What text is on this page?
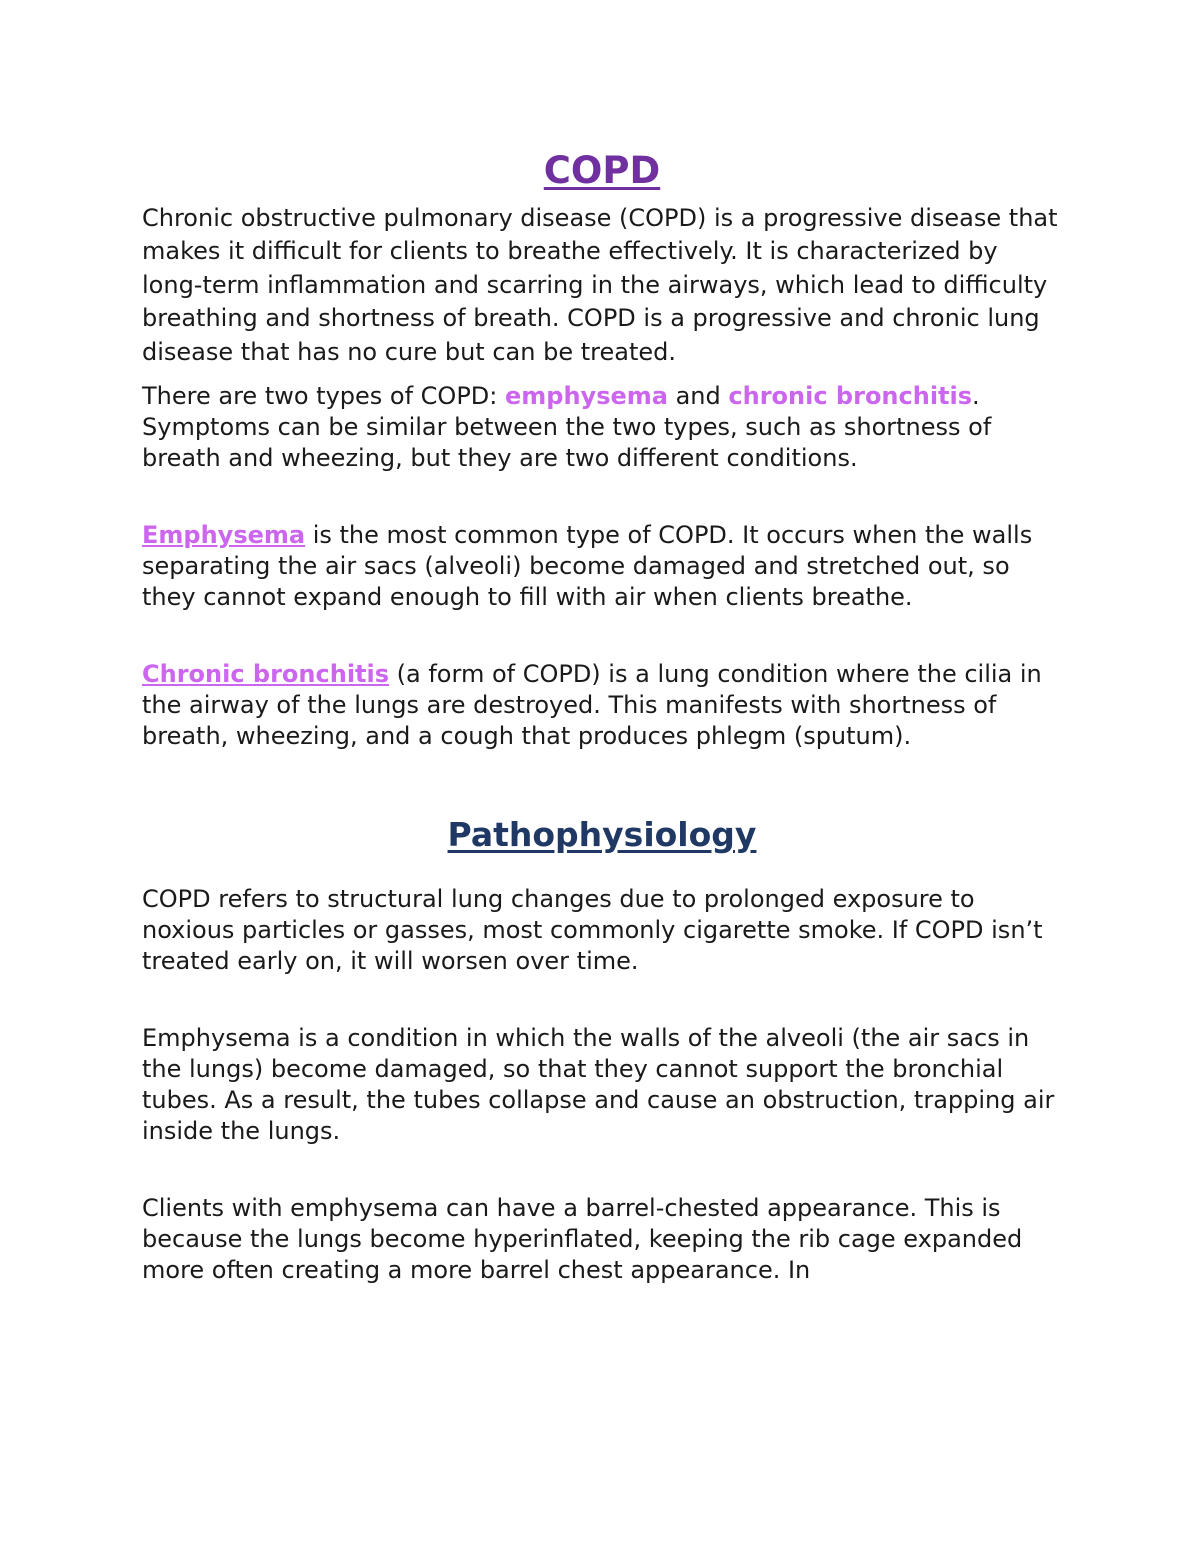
COPD

Chronic obstructive pulmonary disease (COPD) is a progressive disease that makes it difficult for clients to breathe effectively. It is characterized by long-term inflammation and scarring in the airways, which lead to difficulty breathing and shortness of breath. COPD is a progressive and chronic lung disease that has no cure but can be treated.

There are two types of COPD: emphysema and chronic bronchitis. Symptoms can be similar between the two types, such as shortness of breath and wheezing, but they are two different conditions.

Emphysema is the most common type of COPD. It occurs when the walls separating the air sacs (alveoli) become damaged and stretched out, so they cannot expand enough to fill with air when clients breathe.

Chronic bronchitis (a form of COPD) is a lung condition where the cilia in the airway of the lungs are destroyed. This manifests with shortness of breath, wheezing, and a cough that produces phlegm (sputum).

Pathophysiology

COPD refers to structural lung changes due to prolonged exposure to noxious particles or gasses, most commonly cigarette smoke. If COPD isn’t treated early on, it will worsen over time.

Emphysema is a condition in which the walls of the alveoli (the air sacs in the lungs) become damaged, so that they cannot support the bronchial tubes. As a result, the tubes collapse and cause an obstruction, trapping air inside the lungs.

Clients with emphysema can have a barrel-chested appearance. This is because the lungs become hyperinflated, keeping the rib cage expanded more often creating a more barrel chest appearance. In
